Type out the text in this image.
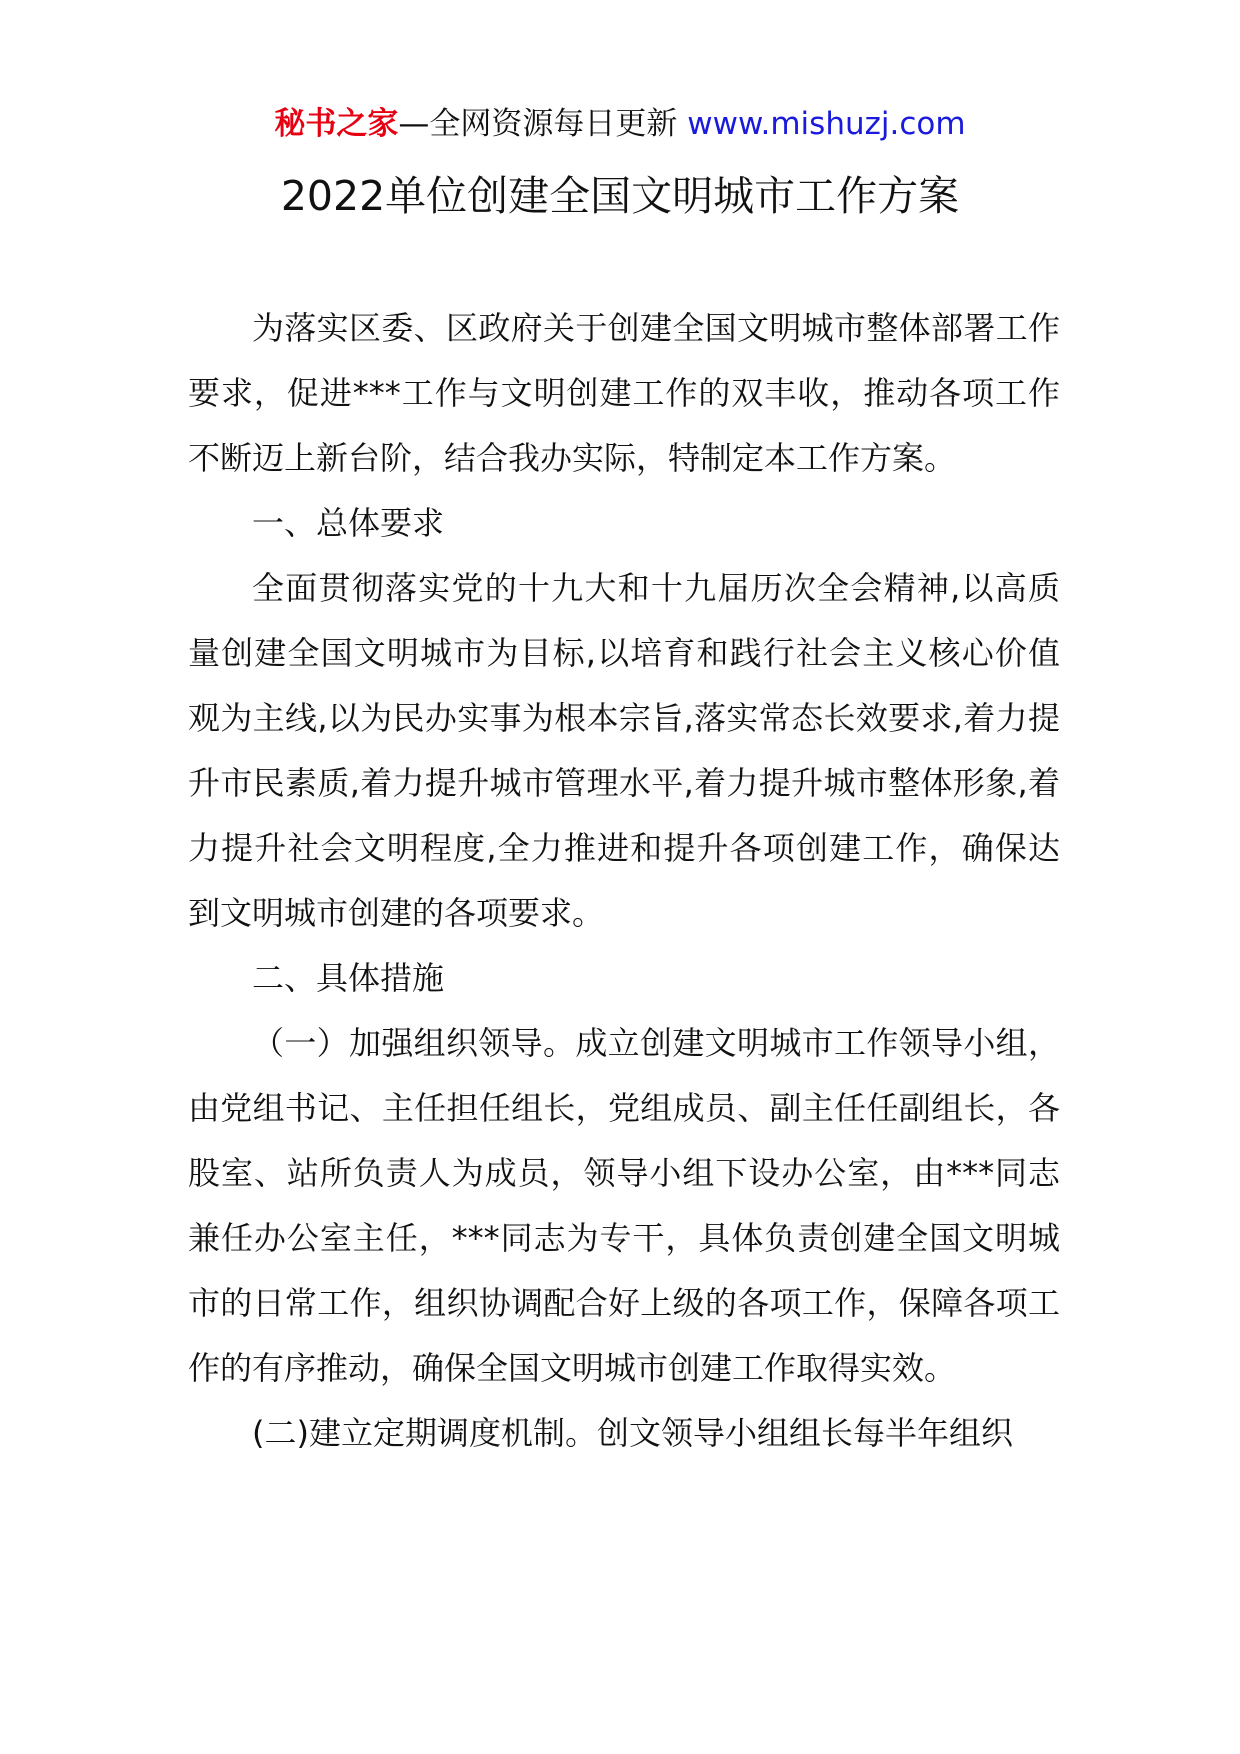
秘书之家—全网资源每日更新 www.mishuzj.com
2022单位创建全国文明城市工作方案

为落实区委、区政府关于创建全国文明城市整体部署工作要求，促进***工作与文明创建工作的双丰收，推动各项工作不断迈上新台阶，结合我办实际，特制定本工作方案。

一、总体要求

全面贯彻落实党的十九大和十九届历次全会精神,以高质量创建全国文明城市为目标,以培育和践行社会主义核心价值观为主线,以为民办实事为根本宗旨,落实常态长效要求,着力提升市民素质,着力提升城市管理水平,着力提升城市整体形象,着力提升社会文明程度,全力推进和提升各项创建工作，确保达到文明城市创建的各项要求。

二、具体措施

（一）加强组织领导。成立创建文明城市工作领导小组，由党组书记、主任担任组长，党组成员、副主任任副组长，各股室、站所负责人为成员，领导小组下设办公室，由***同志兼任办公室主任，***同志为专干，具体负责创建全国文明城市的日常工作，组织协调配合好上级的各项工作，保障各项工作的有序推动，确保全国文明城市创建工作取得实效。

(二)建立定期调度机制。创文领导小组组长每半年组织
